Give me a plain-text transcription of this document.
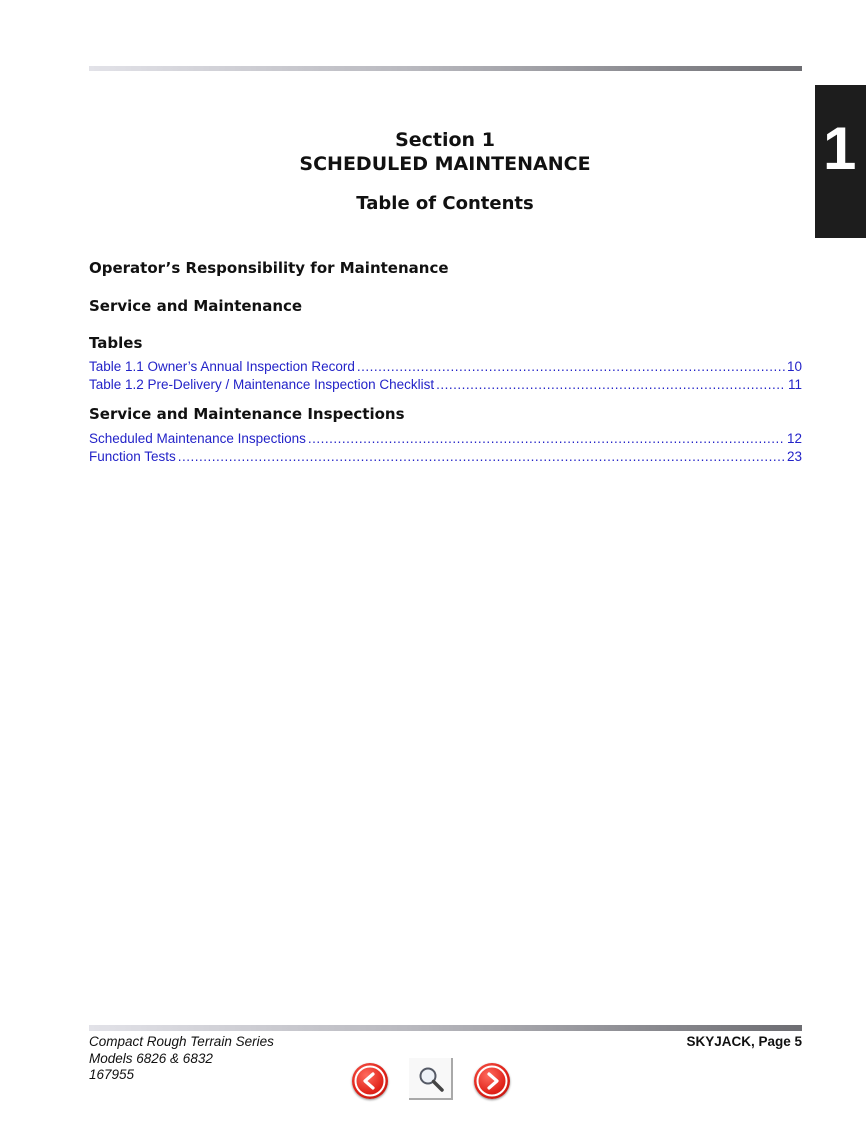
1
Section 1
SCHEDULED MAINTENANCE
Table of Contents
Operator’s Responsibility for Maintenance
Service and Maintenance
Tables
Table 1.1 Owner’s Annual Inspection Record .....	10
Table 1.2 Pre-Delivery / Maintenance Inspection Checklist .....	11
Service and Maintenance Inspections
Scheduled Maintenance Inspections .....	12
Function Tests .....	23
Compact Rough Terrain Series
Models 6826 & 6832
167955
SKYJACK, Page 5
